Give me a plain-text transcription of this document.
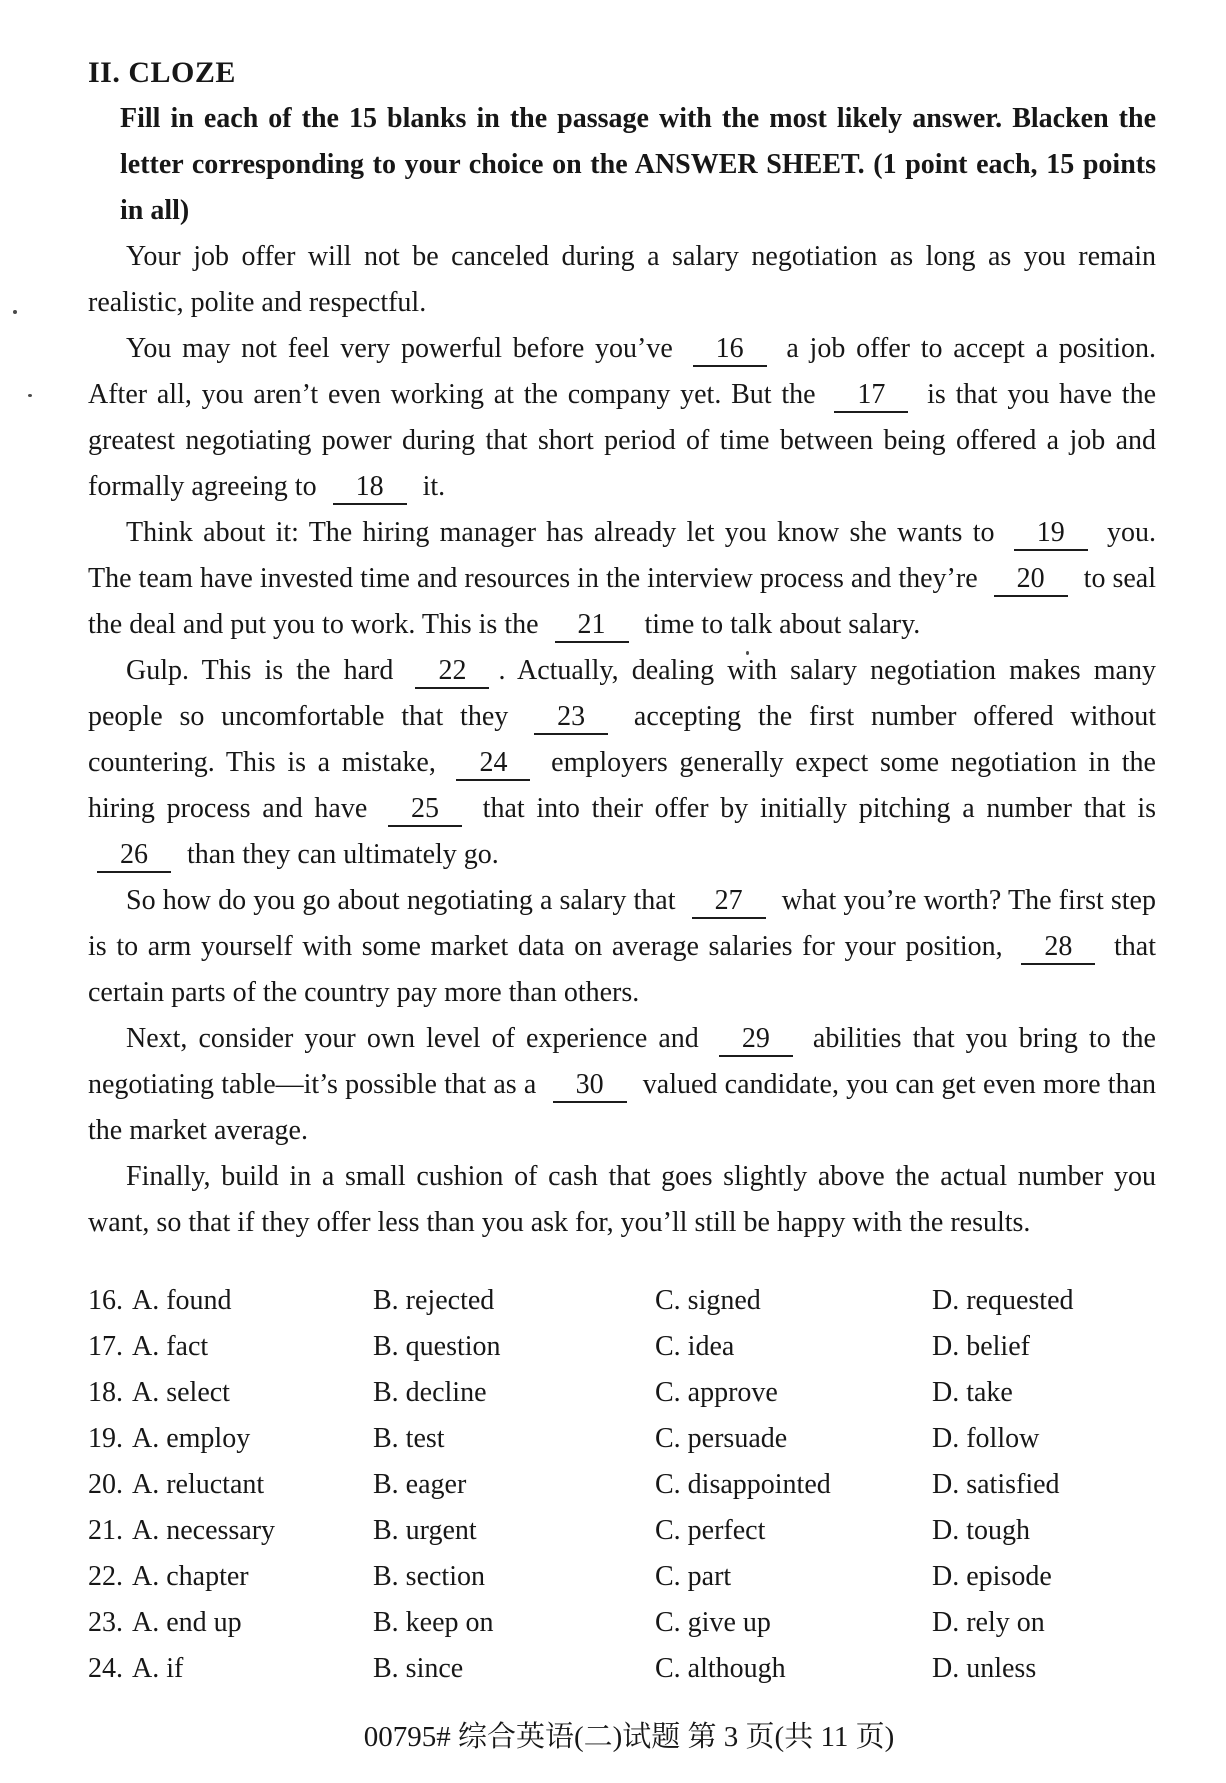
II. CLOZE
Fill in each of the 15 blanks in the passage with the most likely answer. Blacken the letter corresponding to your choice on the ANSWER SHEET. (1 point each, 15 points in all)

Your job offer will not be canceled during a salary negotiation as long as you remain realistic, polite and respectful.

You may not feel very powerful before you’ve 16 a job offer to accept a position. After all, you aren’t even working at the company yet. But the 17 is that you have the greatest negotiating power during that short period of time between being offered a job and formally agreeing to 18 it.

Think about it: The hiring manager has already let you know she wants to 19 you. The team have invested time and resources in the interview process and they’re 20 to seal the deal and put you to work. This is the 21 time to talk about salary.

Gulp. This is the hard 22 . Actually, dealing with salary negotiation makes many people so uncomfortable that they 23 accepting the first number offered without countering. This is a mistake, 24 employers generally expect some negotiation in the hiring process and have 25 that into their offer by initially pitching a number that is 26 than they can ultimately go.

So how do you go about negotiating a salary that 27 what you’re worth? The first step is to arm yourself with some market data on average salaries for your position, 28 that certain parts of the country pay more than others.

Next, consider your own level of experience and 29 abilities that you bring to the negotiating table—it’s possible that as a 30 valued candidate, you can get even more than the market average.

Finally, build in a small cushion of cash that goes slightly above the actual number you want, so that if they offer less than you ask for, you’ll still be happy with the results.

16. A. found	B. rejected	C. signed	D. requested
17. A. fact	B. question	C. idea	D. belief
18. A. select	B. decline	C. approve	D. take
19. A. employ	B. test	C. persuade	D. follow
20. A. reluctant	B. eager	C. disappointed	D. satisfied
21. A. necessary	B. urgent	C. perfect	D. tough
22. A. chapter	B. section	C. part	D. episode
23. A. end up	B. keep on	C. give up	D. rely on
24. A. if	B. since	C. although	D. unless
00795# 综合英语(二)试题 第 3 页(共 11 页)
